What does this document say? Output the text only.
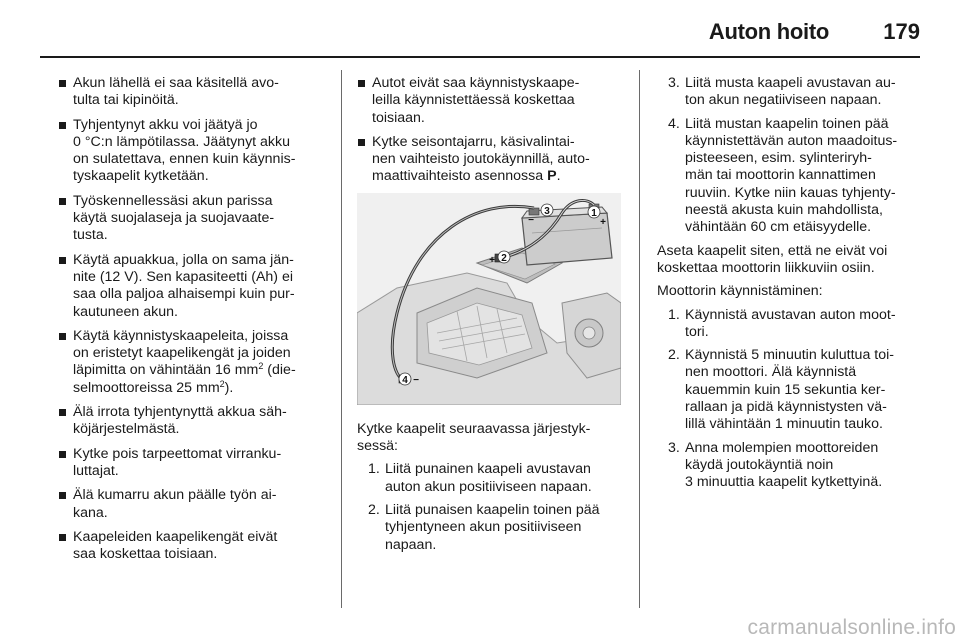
Auton hoito 179
Akun lähellä ei saa käsitellä avo-
tulta tai kipinöitä.
Tyhjentynyt akku voi jäätyä jo
0 °C:n lämpötilassa. Jäätynyt akku
on sulatettava, ennen kuin käynnis-
tyskaapelit kytketään.
Työskennellessäsi akun parissa
käytä suojalaseja ja suojavaate-
tusta.
Käytä apuakkua, jolla on sama jän-
nite (12 V). Sen kapasiteetti (Ah) ei
saa olla paljoa alhaisempi kuin pur-
kautuneen akun.
Käytä käynnistyskaapeleita, joissa
on eristetyt kaapelikengät ja joiden
läpimitta on vähintään 16 $mm^2$ (die-
selmoottoreissa 25 $mm^2$).
Älä irrota tyhjentynyttä akkua säh-
köjärjestelmästä.
Kytke pois tarpeettomat virranku-
luttajat.
Älä kumarru akun päälle työn ai-
kana.
Kaapeleiden kaapelikengät eivät
saa koskettaa toisiaan.
Autot eivät saa käynnistyskaape-
leilla käynnistettäessä koskettaa
toisiaan.
Kytke seisontajarru, käsivalintai-
nen vaihteisto joutokäynnillä, auto-
maattivaihteisto asennossa P.
3
−
1
+
2
+
4 −

Kytke kaapelit seuraavassa järjestyk-
sessä:

1. Liitä punainen kaapeli avustavan
auton akun positiiviseen napaan.
2. Liitä punaisen kaapelin toinen pää
tyhjentyneen akun positiiviseen
napaan.
3. Liitä musta kaapeli avustavan au-
ton akun negatiiviseen napaan.
4. Liitä mustan kaapelin toinen pää
käynnistettävän auton maadoitus-
pisteeseen, esim. sylinteriryh-
män tai moottorin kannattimen
ruuviin. Kytke niin kauas tyhjenty-
neestä akusta kuin mahdollista,
vähintään 60 cm etäisyydelle.

Aseta kaapelit siten, että ne eivät voi
koskettaa moottorin liikkuviin osiin.

Moottorin käynnistäminen:

1. Käynnistä avustavan auton moot-
tori.
2. Käynnistä 5 minuutin kuluttua toi-
nen moottori. Älä käynnistä
kauemmin kuin 15 sekuntia ker-
rallaan ja pidä käynnistysten vä-
lillä vähintään 1 minuutin tauko.
3. Anna molempien moottoreiden
käydä joutokäyntiä noin
3 minuuttia kaapelit kytkettyinä.
carmanualsonline.info
